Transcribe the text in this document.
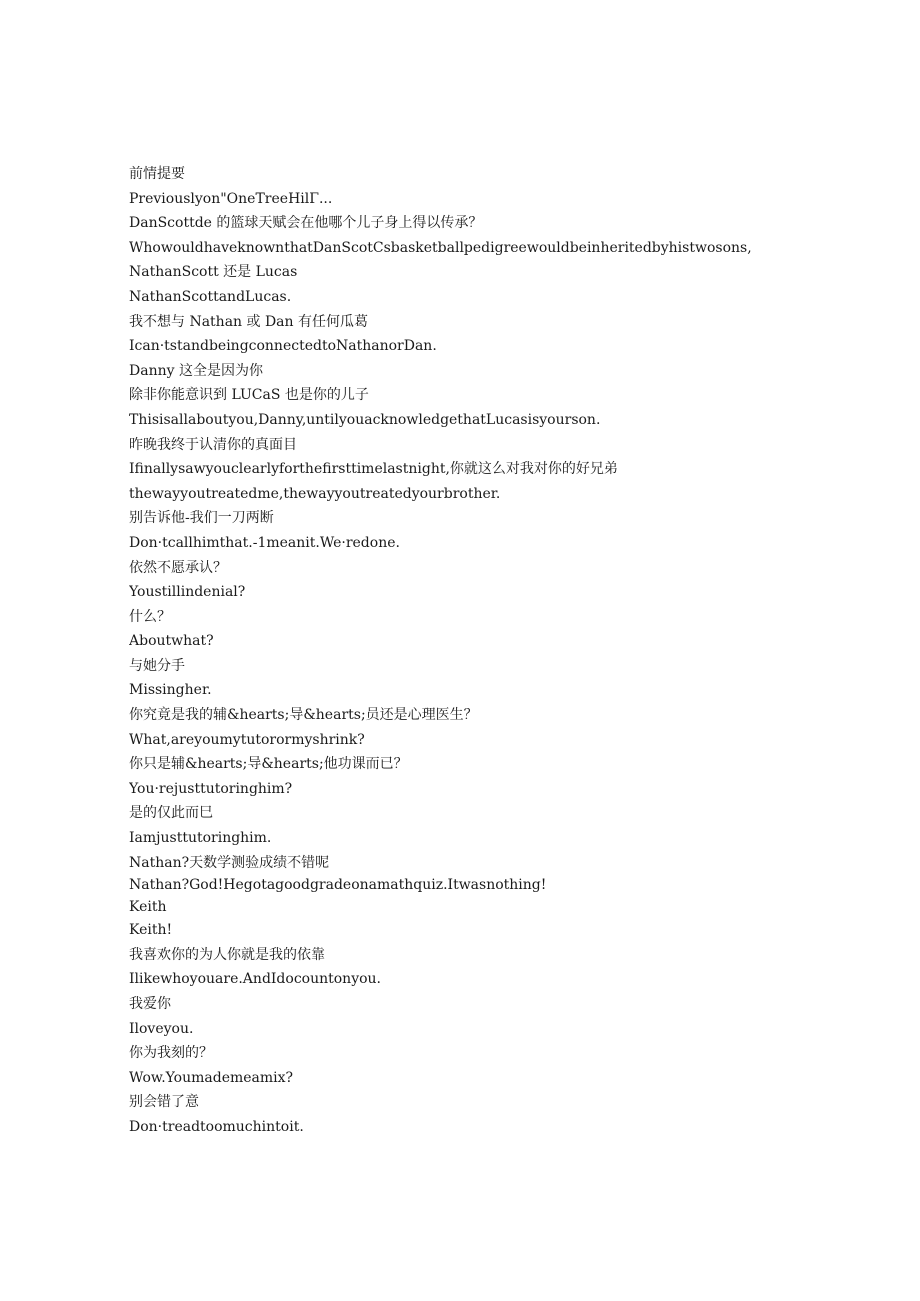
前情提要
Previouslyon"OneTreeHilΓ...
DanScottde 的篮球天赋会在他哪个儿子身上得以传承？
WhowouldhaveknownthatDanScotCsbasketballpedigreewouldbeinheritedbyhistwosons,
NathanScott 还是 Lucas
NathanScottandLucas.
我不想与 Nathan 或 Dan 有任何瓜葛
Ican·tstandbeingconnectedtoNathanorDan.
Danny 这全是因为你
除非你能意识到 LUCaS 也是你的儿子
Thisisallaboutyou,Danny,untilyouacknowledgethatLucasisyourson.
昨晚我终于认清你的真面目
Ifinallysawyouclearlyforthefirsttimelastnight,你就这么对我对你的好兄弟
thewayyoutreatedme,thewayyoutreatedyourbrother.
别告诉他-我们一刀两断
Don·tcallhimthat.-1meanit.We·redone.
依然不愿承认？
Youstillindenial?
什么？
Aboutwhat?
与她分手
Missingher.
你究竟是我的辅&hearts;导&hearts;员还是心理医生？
What,areyoumytutorormyshrink?
你只是辅&hearts;导&hearts;他功课而已？
You·rejusttutoringhim?
是的仅此而巳
Iamjusttutoringhim.
Nathan?天数学测验成绩不错呢
Nathan?God!Hegotagoodgradeonamathquiz.Itwasnothing!
Keith
Keith!
我喜欢你的为人你就是我的依靠
Ilikewhoyouare.AndIdocountonyou.
我爱你
Iloveyou.
你为我刻的？
Wow.Youmademeamix?
别会错了意
Don·treadtoomuchintoit.
